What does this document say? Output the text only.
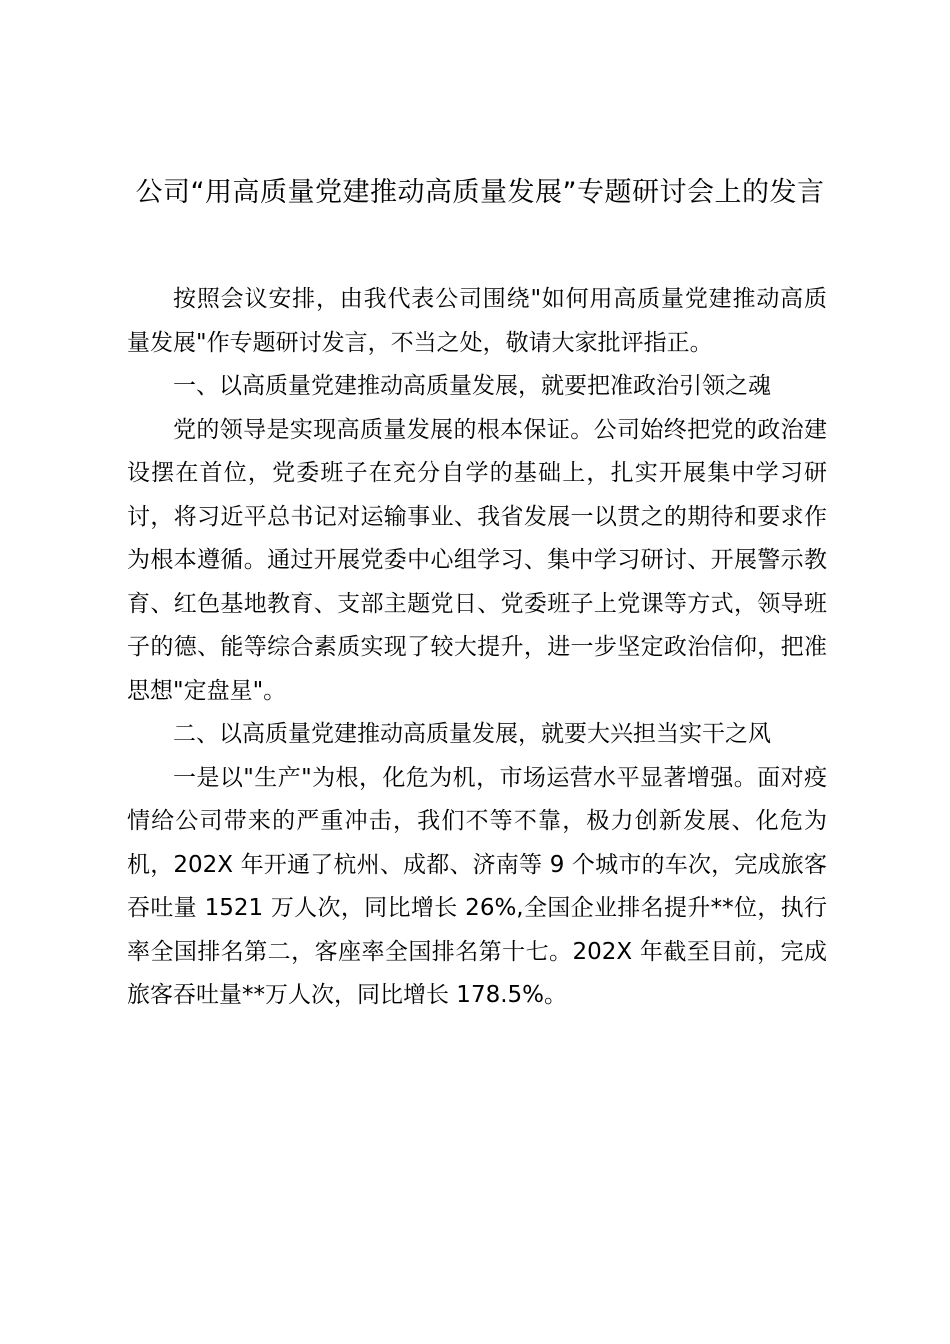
公司“用高质量党建推动高质量发展”专题研讨会上的发言

按照会议安排，由我代表公司围绕"如何用高质量党建推动高质量发展"作专题研讨发言，不当之处，敬请大家批评指正。

一、以高质量党建推动高质量发展，就要把准政治引领之魂

党的领导是实现高质量发展的根本保证。公司始终把党的政治建设摆在首位，党委班子在充分自学的基础上，扎实开展集中学习研讨，将习近平总书记对运输事业、我省发展一以贯之的期待和要求作为根本遵循。通过开展党委中心组学习、集中学习研讨、开展警示教育、红色基地教育、支部主题党日、党委班子上党课等方式，领导班子的德、能等综合素质实现了较大提升，进一步坚定政治信仰，把准思想"定盘星"。

二、以高质量党建推动高质量发展，就要大兴担当实干之风

一是以"生产"为根，化危为机，市场运营水平显著增强。面对疫情给公司带来的严重冲击，我们不等不靠，极力创新发展、化危为机，202X 年开通了杭州、成都、济南等 9 个城市的车次，完成旅客吞吐量 1521 万人次，同比增长 26%,全国企业排名提升**位，执行率全国排名第二，客座率全国排名第十七。202X 年截至目前，完成旅客吞吐量**万人次，同比增长 178.5%。
